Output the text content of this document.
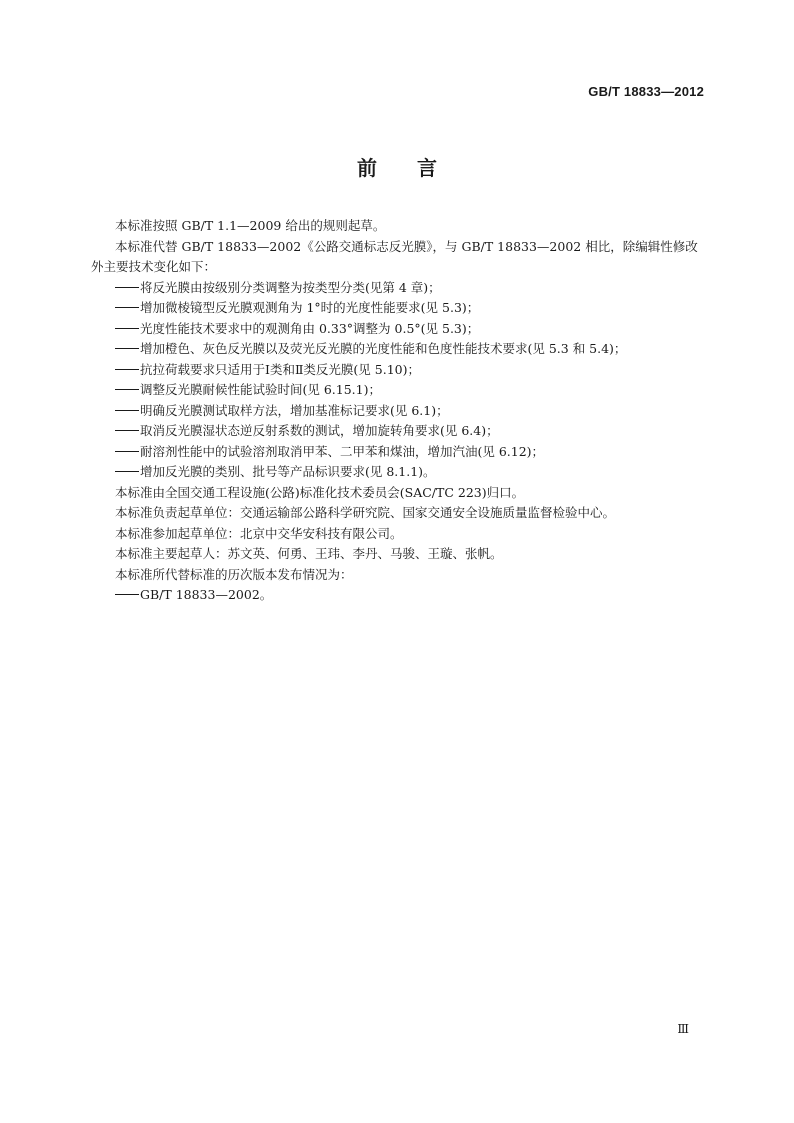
GB/T 18833—2012
前言

本标准按照 GB/T 1.1—2009 给出的规则起草。

本标准代替 GB/T 18833—2002《公路交通标志反光膜》，与 GB/T 18833—2002 相比，除编辑性修改外主要技术变化如下：

将反光膜由按级别分类调整为按类型分类(见第 4 章)；

增加微棱镜型反光膜观测角为 1°时的光度性能要求(见 5.3)；

光度性能技术要求中的观测角由 0.33°调整为 0.5°(见 5.3)；

增加橙色、灰色反光膜以及荧光反光膜的光度性能和色度性能技术要求(见 5.3 和 5.4)；

抗拉荷载要求只适用于Ⅰ类和Ⅱ类反光膜(见 5.10)；

调整反光膜耐候性能试验时间(见 6.15.1)；

明确反光膜测试取样方法，增加基准标记要求(见 6.1)；

取消反光膜湿状态逆反射系数的测试，增加旋转角要求(见 6.4)；

耐溶剂性能中的试验溶剂取消甲苯、二甲苯和煤油，增加汽油(见 6.12)；

增加反光膜的类别、批号等产品标识要求(见 8.1.1)。

本标准由全国交通工程设施(公路)标准化技术委员会(SAC/TC 223)归口。

本标准负责起草单位：交通运输部公路科学研究院、国家交通安全设施质量监督检验中心。

本标准参加起草单位：北京中交华安科技有限公司。

本标准主要起草人：苏文英、何勇、王玮、李丹、马骏、王璇、张帆。

本标准所代替标准的历次版本发布情况为：

GB/T 18833—2002。

Ⅲ
